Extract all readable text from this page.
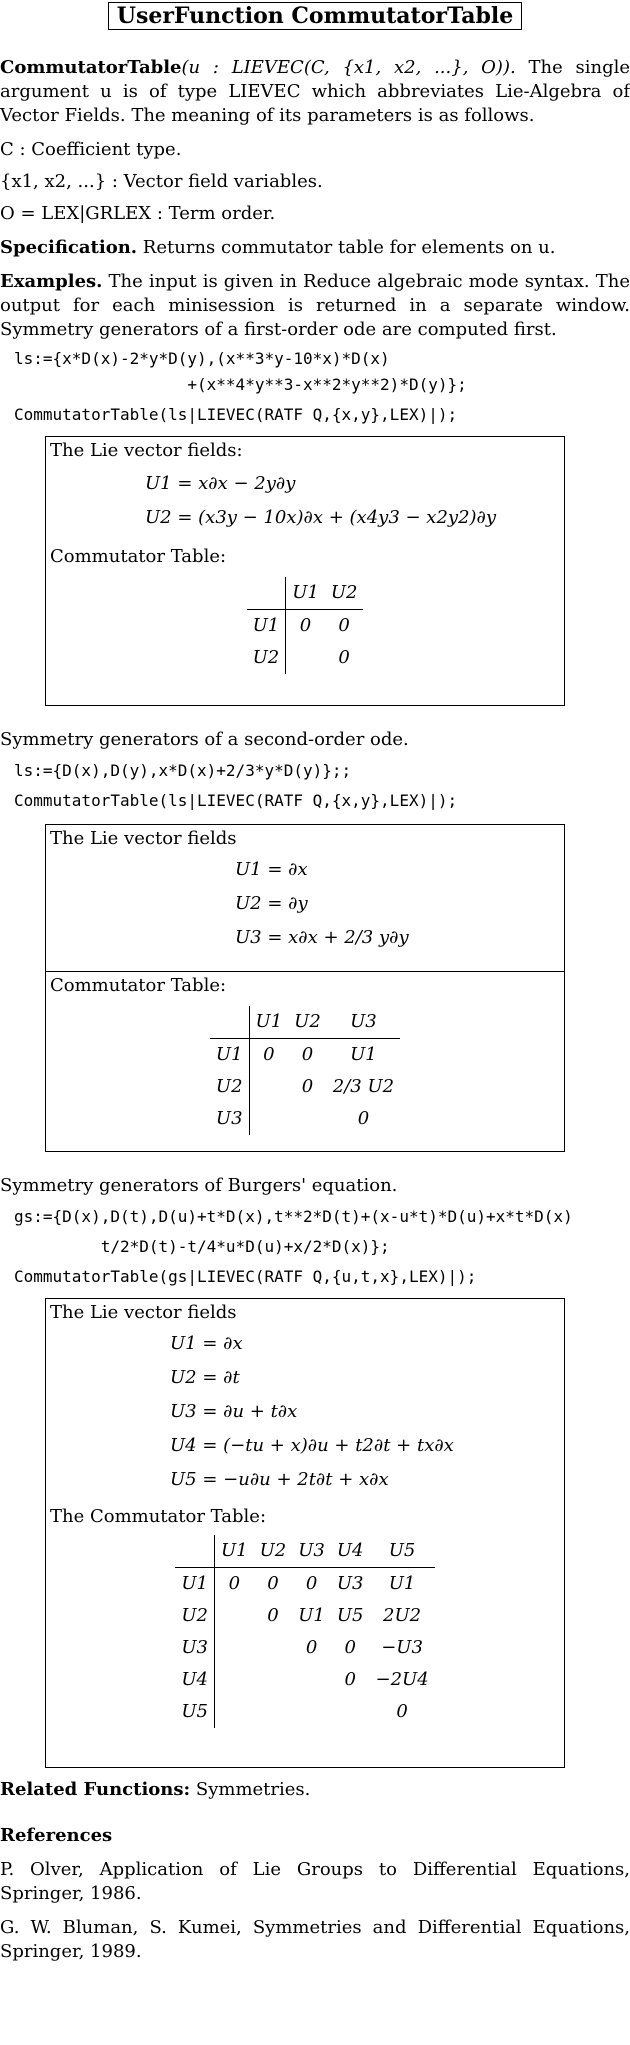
UserFunction CommutatorTable

CommutatorTable(u : LIEVEC(C, {x1, x2, ...}, O)). The single argument u is of type LIEVEC which abbreviates Lie-Algebra of Vector Fields. The meaning of its parameters is as follows.

C : Coefficient type.

{x1, x2, ...} : Vector field variables.

O = LEX|GRLEX : Term order.

Specification. Returns commutator table for elements on u.

Examples. The input is given in Reduce algebraic mode syntax. The output for each minisession is returned in a separate window. Symmetry generators of a first-order ode are computed first.

ls:={x*D(x)-2*y*D(y),(x**3*y-10*x)*D(x)
+(x**4*y**3-x**2*y**2)*D(y)};
CommutatorTable(ls|LIEVEC(RATF Q,{x,y},LEX)|);
The Lie vector fields:
U1 = x∂x − 2y∂y
U2 = (x3y − 10x)∂x + (x4y3 − x2y2)∂y
Commutator Table:
	U1	U2
U1	0	0
U2		0

Symmetry generators of a second-order ode.

ls:={D(x),D(y),x*D(x)+2/3*y*D(y)};;
CommutatorTable(ls|LIEVEC(RATF Q,{x,y},LEX)|);
The Lie vector fields
U1 = ∂x
U2 = ∂y
U3 = x∂x + 2/3 y∂y
Commutator Table:
	U1	U2	U3
U1	0	0	U1
U2		0	2/3 U2
U3			0

Symmetry generators of Burgers' equation.

gs:={D(x),D(t),D(u)+t*D(x),t**2*D(t)+(x-u*t)*D(u)+x*t*D(x)
t/2*D(t)-t/4*u*D(u)+x/2*D(x)};
CommutatorTable(gs|LIEVEC(RATF Q,{u,t,x},LEX)|);
The Lie vector fields
U1 = ∂x
U2 = ∂t
U3 = ∂u + t∂x
U4 = (−tu + x)∂u + t2∂t + tx∂x
U5 = −u∂u + 2t∂t + x∂x
The Commutator Table:
	U1	U2	U3	U4	U5
U1	0	0	0	U3	U1
U2		0	U1	U5	2U2
U3			0	0	−U3
U4				0	−2U4
U5					0

Related Functions: Symmetries.

References

P. Olver, Application of Lie Groups to Differential Equations, Springer, 1986.

G. W. Bluman, S. Kumei, Symmetries and Differential Equations, Springer, 1989.
